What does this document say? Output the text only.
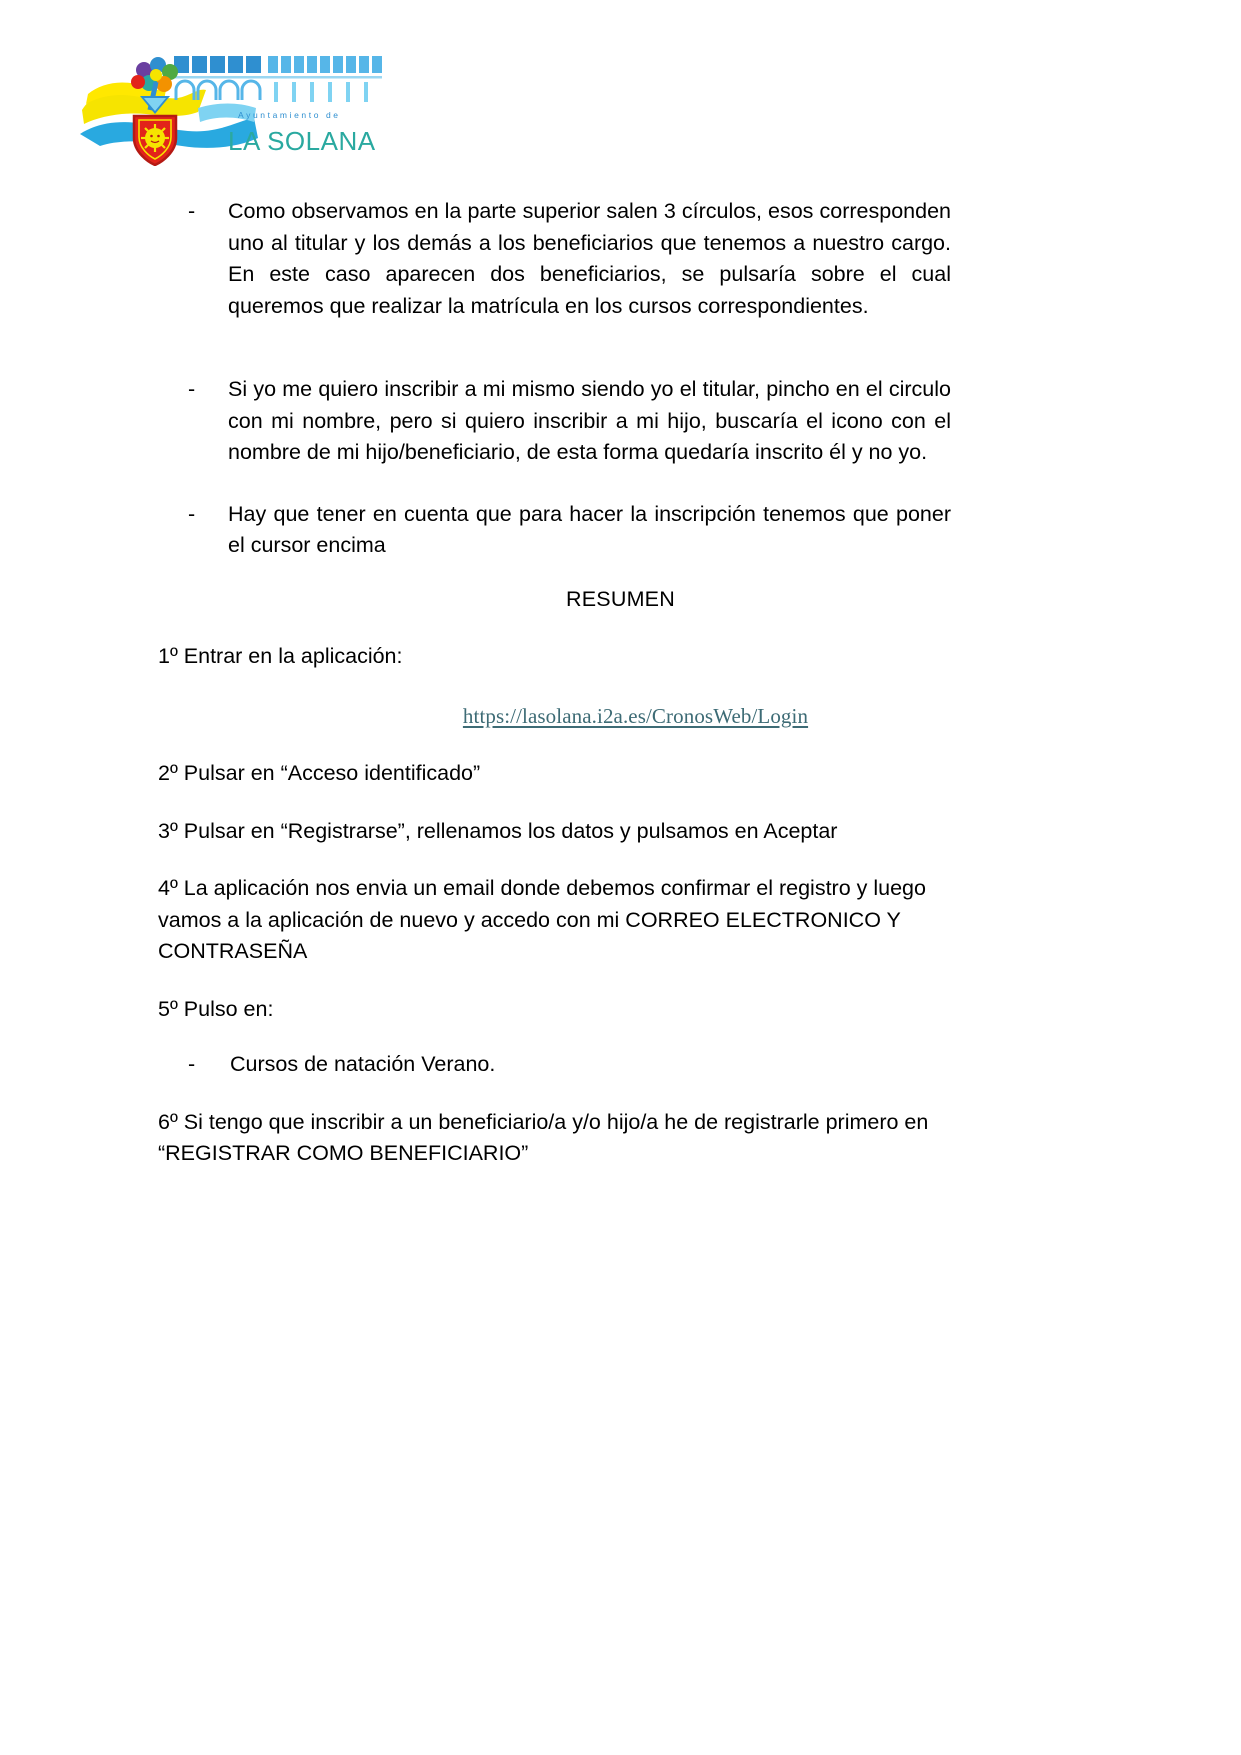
Ayuntamiento de
LA SOLANA
-	Como observamos en la parte superior salen 3 círculos, esos corresponden uno al titular y los demás a los beneficiarios que tenemos a nuestro cargo. En este caso aparecen dos beneficiarios, se pulsaría sobre el cual queremos que realizar la matrícula en los cursos correspondientes.
-	Si yo me quiero inscribir a mi mismo siendo yo el titular, pincho en el circulo con mi nombre, pero si quiero inscribir a mi hijo, buscaría el icono con el nombre de mi hijo/beneficiario, de esta forma quedaría inscrito él y no yo.
-	Hay que tener en cuenta que para hacer la inscripción tenemos que poner el cursor encima
RESUMEN
1º Entrar en la aplicación:
https://lasolana.i2a.es/CronosWeb/Login
2º Pulsar en “Acceso identificado”
3º Pulsar en “Registrarse”, rellenamos los datos y pulsamos en Aceptar
4º La aplicación nos envia un email donde debemos confirmar el registro y luego vamos a la aplicación de nuevo y accedo con mi CORREO ELECTRONICO Y CONTRASEÑA
5º Pulso en:
-	Cursos de natación Verano.
6º Si tengo que inscribir a un beneficiario/a y/o hijo/a he de registrarle primero en “REGISTRAR COMO BENEFICIARIO”
